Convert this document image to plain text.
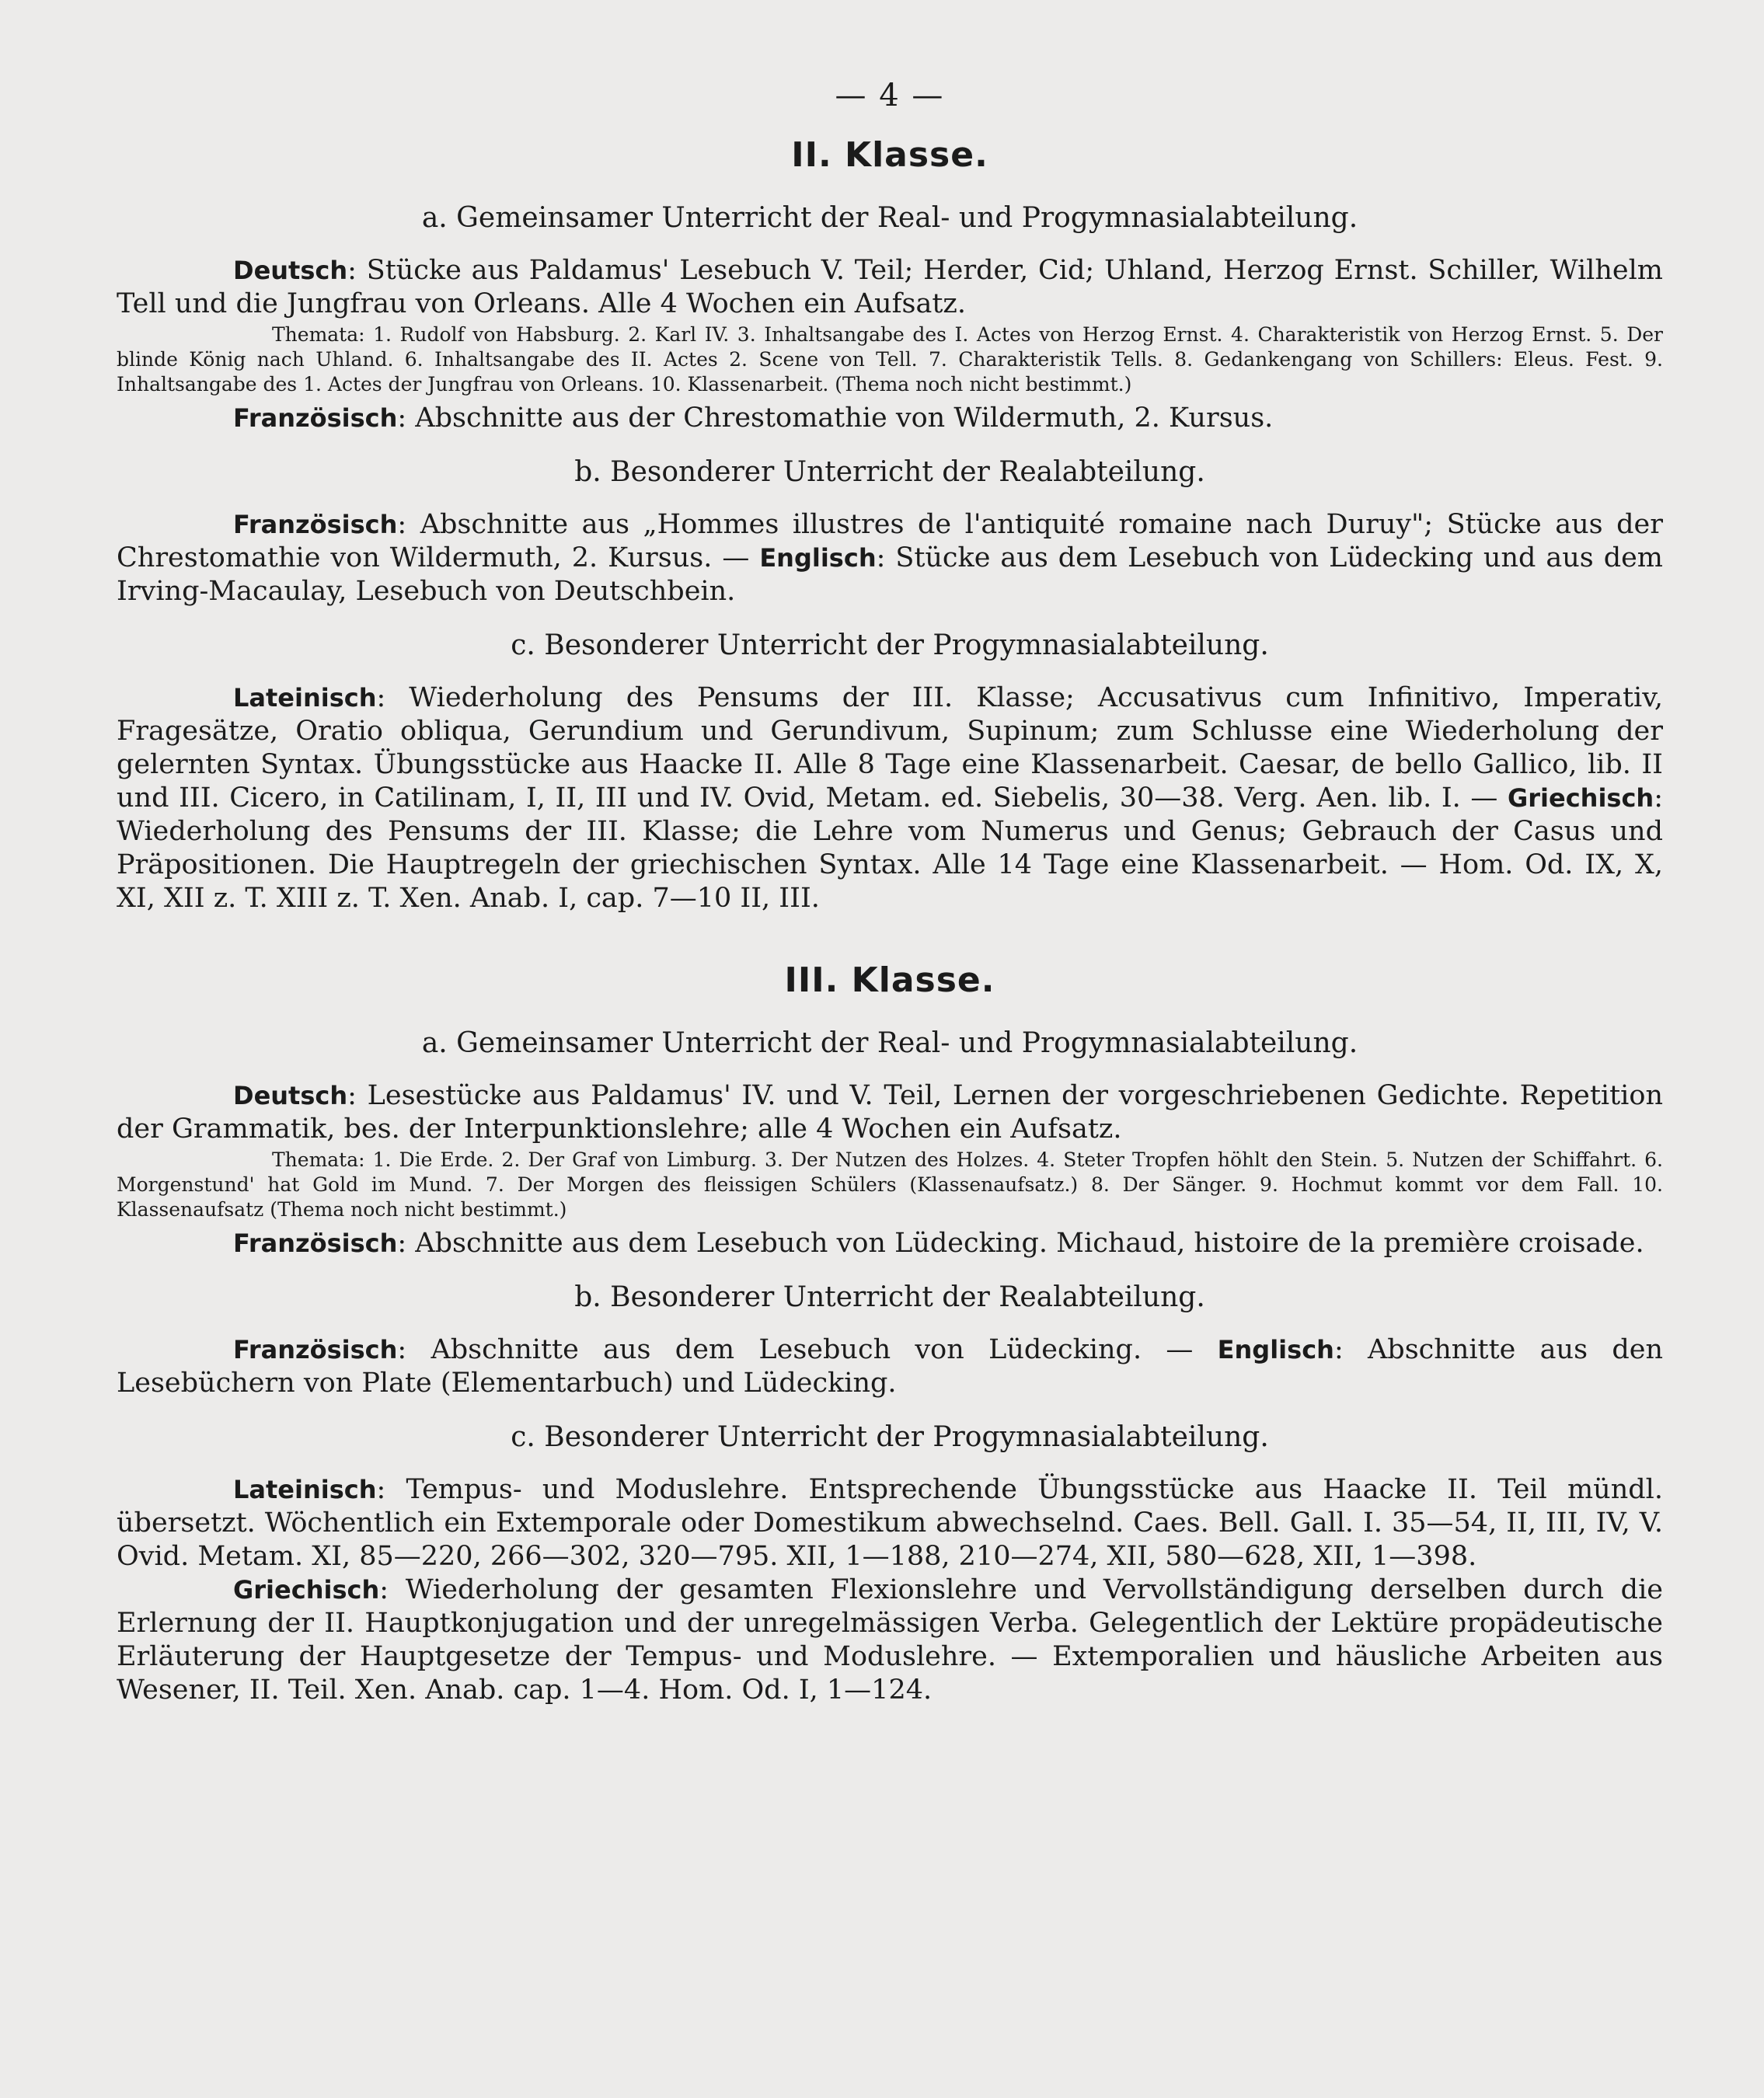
— 4 —
II. Klasse.
a. Gemeinsamer Unterricht der Real- und Progymnasialabteilung.

Deutsch: Stücke aus Paldamus' Lesebuch V. Teil; Herder, Cid; Uhland, Herzog Ernst. Schiller, Wilhelm Tell und die Jungfrau von Orleans. Alle 4 Wochen ein Aufsatz.

Themata: 1. Rudolf von Habsburg. 2. Karl IV. 3. Inhaltsangabe des I. Actes von Herzog Ernst. 4. Charakteristik von Herzog Ernst. 5. Der blinde König nach Uhland. 6. Inhaltsangabe des II. Actes 2. Scene von Tell. 7. Charakteristik Tells. 8. Gedankengang von Schillers: Eleus. Fest. 9. Inhaltsangabe des 1. Actes der Jungfrau von Orleans. 10. Klassenarbeit. (Thema noch nicht bestimmt.)

Französisch: Abschnitte aus der Chrestomathie von Wildermuth, 2. Kursus.

b. Besonderer Unterricht der Realabteilung.

Französisch: Abschnitte aus „Hommes illustres de l'antiquité romaine nach Duruy"; Stücke aus der Chrestomathie von Wildermuth, 2. Kursus. — Englisch: Stücke aus dem Lesebuch von Lüdecking und aus dem Irving-Macaulay, Lesebuch von Deutschbein.

c. Besonderer Unterricht der Progymnasialabteilung.

Lateinisch: Wiederholung des Pensums der III. Klasse; Accusativus cum Infinitivo, Imperativ, Fragesätze, Oratio obliqua, Gerundium und Gerundivum, Supinum; zum Schlusse eine Wiederholung der gelernten Syntax. Übungsstücke aus Haacke II. Alle 8 Tage eine Klassenarbeit. Caesar, de bello Gallico, lib. II und III. Cicero, in Catilinam, I, II, III und IV. Ovid, Metam. ed. Siebelis, 30—38. Verg. Aen. lib. I. — Griechisch: Wiederholung des Pensums der III. Klasse; die Lehre vom Numerus und Genus; Gebrauch der Casus und Präpositionen. Die Hauptregeln der griechischen Syntax. Alle 14 Tage eine Klassenarbeit. — Hom. Od. IX, X, XI, XII z. T. XIII z. T. Xen. Anab. I, cap. 7—10 II, III.

III. Klasse.
a. Gemeinsamer Unterricht der Real- und Progymnasialabteilung.

Deutsch: Lesestücke aus Paldamus' IV. und V. Teil, Lernen der vorgeschriebenen Gedichte. Repetition der Grammatik, bes. der Interpunktionslehre; alle 4 Wochen ein Aufsatz.

Themata: 1. Die Erde. 2. Der Graf von Limburg. 3. Der Nutzen des Holzes. 4. Steter Tropfen höhlt den Stein. 5. Nutzen der Schiffahrt. 6. Morgenstund' hat Gold im Mund. 7. Der Morgen des fleissigen Schülers (Klassenaufsatz.) 8. Der Sänger. 9. Hochmut kommt vor dem Fall. 10. Klassenaufsatz (Thema noch nicht bestimmt.)

Französisch: Abschnitte aus dem Lesebuch von Lüdecking. Michaud, histoire de la première croisade.

b. Besonderer Unterricht der Realabteilung.

Französisch: Abschnitte aus dem Lesebuch von Lüdecking. — Englisch: Abschnitte aus den Lesebüchern von Plate (Elementarbuch) und Lüdecking.

c. Besonderer Unterricht der Progymnasialabteilung.

Lateinisch: Tempus- und Moduslehre. Entsprechende Übungsstücke aus Haacke II. Teil mündl. übersetzt. Wöchentlich ein Extemporale oder Domestikum abwechselnd. Caes. Bell. Gall. I. 35—54, II, III, IV, V. Ovid. Metam. XI, 85—220, 266—302, 320—795. XII, 1—188, 210—274, XII, 580—628, XII, 1—398.

Griechisch: Wiederholung der gesamten Flexionslehre und Vervollständigung derselben durch die Erlernung der II. Hauptkonjugation und der unregelmässigen Verba. Gelegentlich der Lektüre propädeutische Erläuterung der Hauptgesetze der Tempus- und Moduslehre. — Extemporalien und häusliche Arbeiten aus Wesener, II. Teil. Xen. Anab. cap. 1—4. Hom. Od. I, 1—124.
